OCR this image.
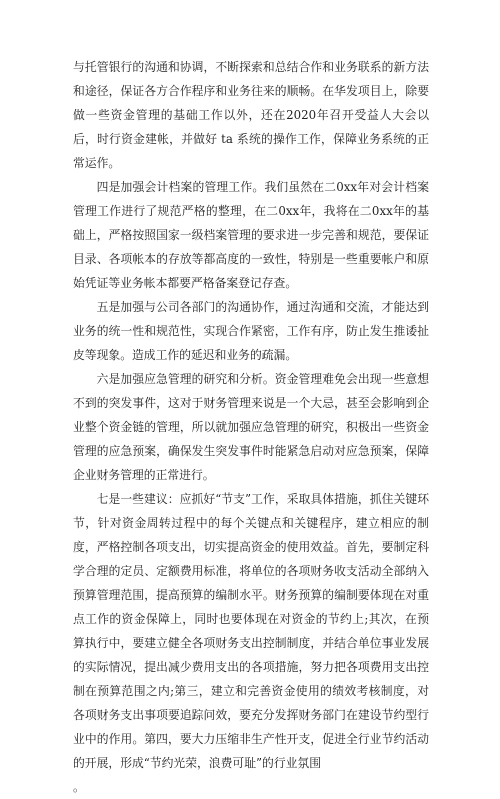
与托管银行的沟通和协调，不断探索和总结合作和业务联系的新方法和途径，保证各方合作程序和业务往来的顺畅。在华发项目上，除要做一些资金管理的基础工作以外，还在2020年召开受益人大会以后，时行资金建帐，并做好 ta 系统的操作工作，保障业务系统的正常运作。

四是加强会计档案的管理工作。我们虽然在二0xx年对会计档案管理工作进行了规范严格的整理，在二0xx年，我将在二0xx年的基础上，严格按照国家一级档案管理的要求进一步完善和规范，要保证目录、各项帐本的存放等都高度的一致性，特别是一些重要帐户和原始凭证等业务帐本都要严格备案登记存查。

五是加强与公司各部门的沟通协作，通过沟通和交流，才能达到业务的统一性和规范性，实现合作紧密，工作有序，防止发生推诿扯皮等现象。造成工作的延迟和业务的疏漏。

六是加强应急管理的研究和分析。资金管理难免会出现一些意想不到的突发事件，这对于财务管理来说是一个大忌，甚至会影响到企业整个资金链的管理，所以就加强应急管理的研究，积极出一些资金管理的应急预案，确保发生突发事件时能紧急启动对应急预案，保障企业财务管理的正常进行。

七是一些建议：应抓好“节支”工作，采取具体措施，抓住关键环节，针对资金周转过程中的每个关键点和关键程序，建立相应的制度，严格控制各项支出，切实提高资金的使用效益。首先，要制定科学合理的定员、定额费用标准，将单位的各项财务收支活动全部纳入预算管理范围，提高预算的编制水平。财务预算的编制要体现在对重点工作的资金保障上，同时也要体现在对资金的节约上;其次，在预算执行中，要建立健全各项财务支出控制制度，并结合单位事业发展的实际情况，提出减少费用支出的各项措施，努力把各项费用支出控制在预算范围之内;第三，建立和完善资金使用的绩效考核制度，对各项财务支出事项要追踪问效，要充分发挥财务部门在建设节约型行业中的作用。第四，要大力压缩非生产性开支，促进全行业节约活动的开展，形成“节约光荣，浪费可耻”的行业氛围

。
